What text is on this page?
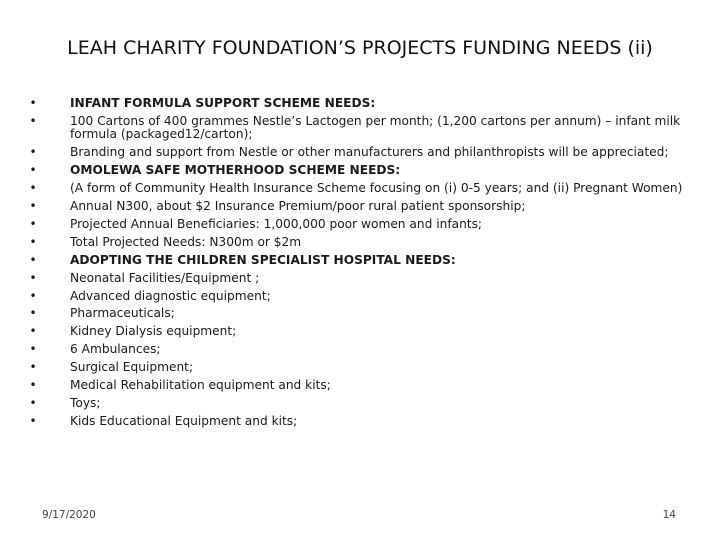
LEAH CHARITY FOUNDATION’S PROJECTS FUNDING NEEDS (ii)
•	INFANT FORMULA SUPPORT SCHEME NEEDS:
•	100 Cartons of 400 grammes Nestle’s Lactogen per month; (1,200 cartons per annum) – infant milk formula (packaged12/carton);
•	Branding and support from Nestle or other manufacturers and philanthropists will be appreciated;
•	OMOLEWA SAFE MOTHERHOOD SCHEME NEEDS:
•	(A form of Community Health Insurance Scheme focusing on (i) 0-5 years; and (ii) Pregnant Women)
•	Annual N300, about $2 Insurance Premium/poor rural patient sponsorship;
•	Projected Annual Beneficiaries: 1,000,000 poor women and infants;
•	Total Projected Needs: N300m or $2m
•	ADOPTING THE CHILDREN SPECIALIST HOSPITAL NEEDS:
•	Neonatal Facilities/Equipment ;
•	Advanced diagnostic equipment;
•	Pharmaceuticals;
•	Kidney Dialysis equipment;
•	6 Ambulances;
•	Surgical Equipment;
•	Medical Rehabilitation equipment and kits;
•	Toys;
•	Kids Educational Equipment and kits;
9/17/2020	14
